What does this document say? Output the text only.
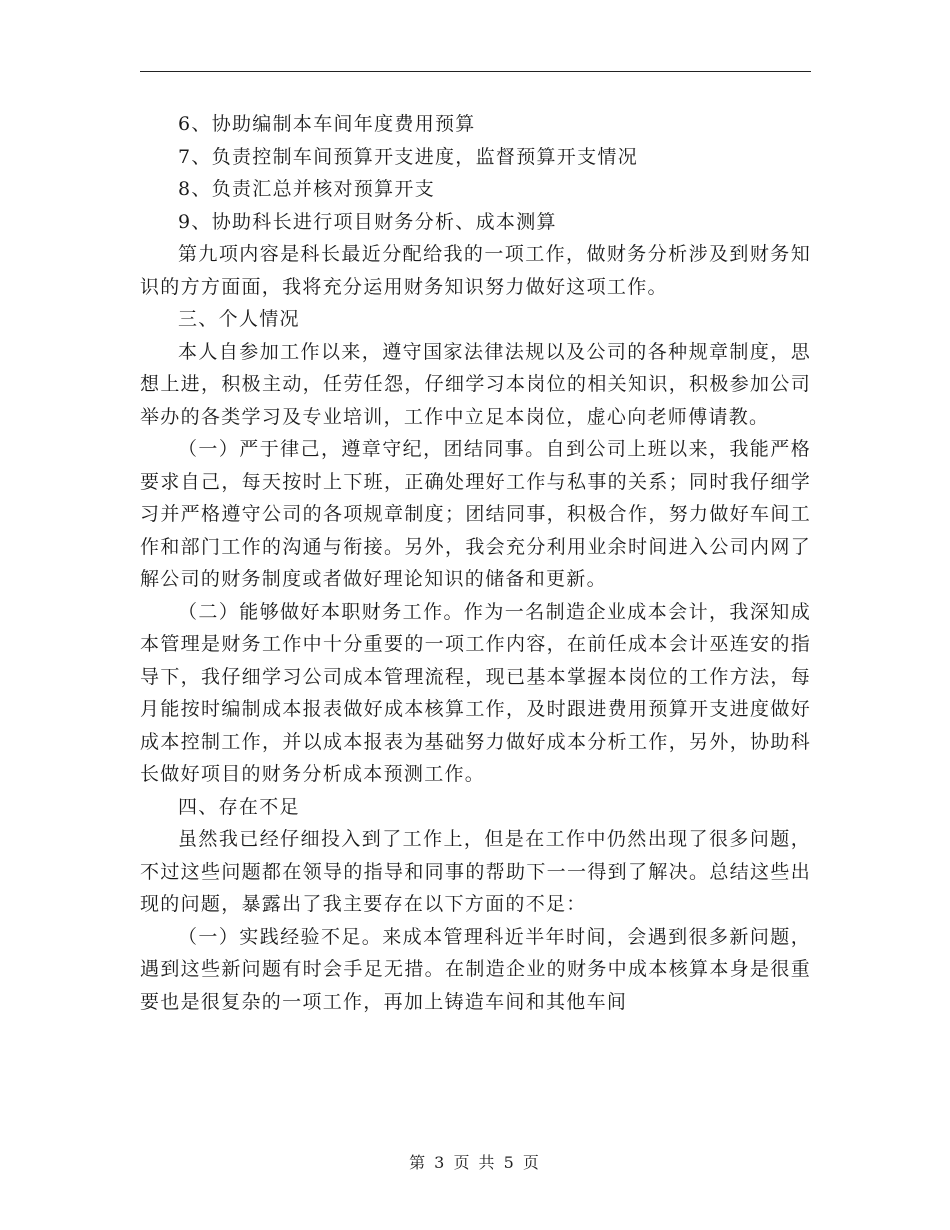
6、协助编制本车间年度费用预算

7、负责控制车间预算开支进度，监督预算开支情况

8、负责汇总并核对预算开支

9、协助科长进行项目财务分析、成本测算

第九项内容是科长最近分配给我的一项工作，做财务分析涉及到财务知识的方方面面，我将充分运用财务知识努力做好这项工作。

三、个人情况

本人自参加工作以来，遵守国家法律法规以及公司的各种规章制度，思想上进，积极主动，任劳任怨，仔细学习本岗位的相关知识，积极参加公司举办的各类学习及专业培训，工作中立足本岗位，虚心向老师傅请教。

（一）严于律己，遵章守纪，团结同事。自到公司上班以来，我能严格要求自己，每天按时上下班，正确处理好工作与私事的关系；同时我仔细学习并严格遵守公司的各项规章制度；团结同事，积极合作，努力做好车间工作和部门工作的沟通与衔接。另外，我会充分利用业余时间进入公司内网了解公司的财务制度或者做好理论知识的储备和更新。

（二）能够做好本职财务工作。作为一名制造企业成本会计，我深知成本管理是财务工作中十分重要的一项工作内容，在前任成本会计巫连安的指导下，我仔细学习公司成本管理流程，现已基本掌握本岗位的工作方法，每月能按时编制成本报表做好成本核算工作，及时跟进费用预算开支进度做好成本控制工作，并以成本报表为基础努力做好成本分析工作，另外，协助科长做好项目的财务分析成本预测工作。

四、存在不足

虽然我已经仔细投入到了工作上，但是在工作中仍然出现了很多问题，不过这些问题都在领导的指导和同事的帮助下一一得到了解决。总结这些出现的问题，暴露出了我主要存在以下方面的不足：

（一）实践经验不足。来成本管理科近半年时间，会遇到很多新问题，遇到这些新问题有时会手足无措。在制造企业的财务中成本核算本身是很重要也是很复杂的一项工作，再加上铸造车间和其他车间

第 3 页 共 5 页
